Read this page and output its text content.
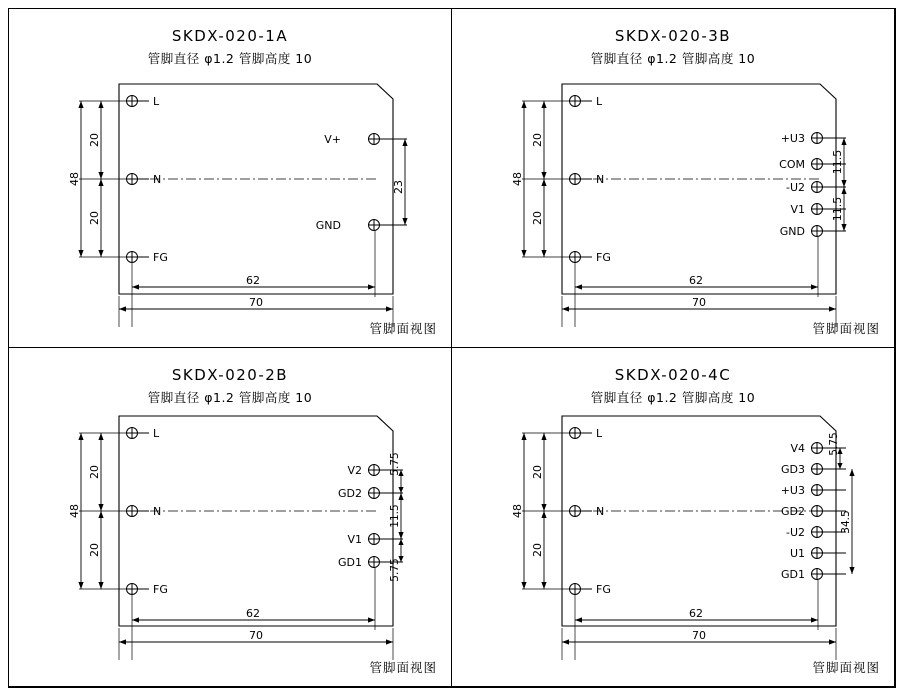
SKDX-020-1A
管脚直径 φ1.2 管脚高度 10
管脚面视图
L
N
FG
V+
GND
23
20
20
48
62
70
SKDX-020-3B
管脚直径 φ1.2 管脚高度 10
管脚面视图
L
N
FG
+U3
COM
-U2
V1
GND
11.5
11.5
20
20
48
62
70
SKDX-020-2B
管脚直径 φ1.2 管脚高度 10
管脚面视图
L
N
FG
V2
GD2
V1
GD1
5.75
11.5
5.75
20
20
48
62
70
SKDX-020-4C
管脚直径 φ1.2 管脚高度 10
管脚面视图
L
N
FG
V4
GD3
+U3
GD2
-U2
U1
GD1
5.75
34.5
20
20
48
62
70
